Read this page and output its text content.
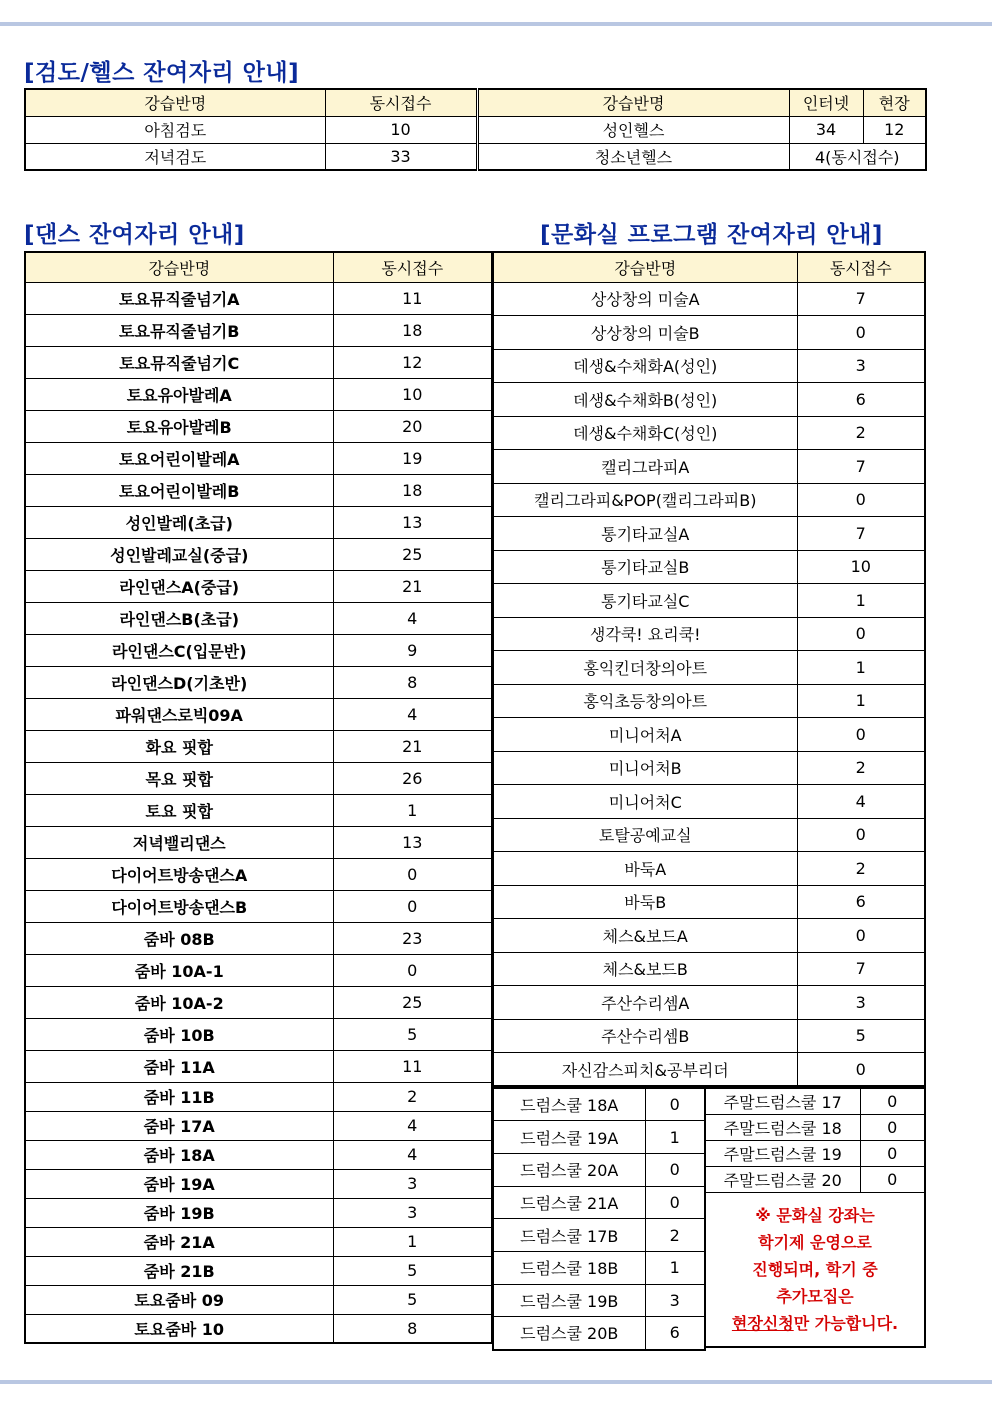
[검도/헬스 잔여자리 안내]
강습반명	동시접수	강습반명	인터넷	현장
아침검도	10	성인헬스	34	12
저녁검도	33	청소년헬스	4(동시접수)	
[댄스 잔여자리 안내]	[문화실 프로그램 잔여자리 안내]
강습반명	동시접수
토요뮤직줄넘기A	11
토요뮤직줄넘기B	18
토요뮤직줄넘기C	12
토요유아발레A	10
토요유아발레B	20
토요어린이발레A	19
토요어린이발레B	18
성인발레(초급)	13
성인발레교실(중급)	25
라인댄스A(중급)	21
라인댄스B(초급)	4
라인댄스C(입문반)	9
라인댄스D(기초반)	8
파워댄스로빅09A	4
화요 핏합	21
목요 핏합	26
토요 핏합	1
저녁밸리댄스	13
다이어트방송댄스A	0
다이어트방송댄스B	0
줌바 08B	23
줌바 10A-1	0
줌바 10A-2	25
줌바 10B	5
줌바 11A	11
줌바 11B	2
줌바 17A	4
줌바 18A	4
줌바 19A	3
줌바 19B	3
줌바 21A	1
줌바 21B	5
토요줌바 09	5
토요줌바 10	8
강습반명	동시접수
상상창의 미술A	7
상상창의 미술B	0
데생&수채화A(성인)	3
데생&수채화B(성인)	6
데생&수채화C(성인)	2
캘리그라피A	7
캘리그라피&POP(캘리그라피B)	0
통기타교실A	7
통기타교실B	10
통기타교실C	1
생각쿡! 요리쿡!	0
홍익킨더창의아트	1
홍익초등창의아트	1
미니어처A	0
미니어처B	2
미니어처C	4
토탈공예교실	0
바둑A	2
바둑B	6
체스&보드A	0
체스&보드B	7
주산수리셈A	3
주산수리셈B	5
자신감스피치&공부리더	0
드럼스쿨 18A	0
드럼스쿨 19A	1
드럼스쿨 20A	0
드럼스쿨 21A	0
드럼스쿨 17B	2
드럼스쿨 18B	1
드럼스쿨 19B	3
드럼스쿨 20B	6
주말드럼스쿨 17	0
주말드럼스쿨 18	0
주말드럼스쿨 19	0
주말드럼스쿨 20	0

※ 문화실 강좌는
학기제 운영으로
진행되며, 학기 중
추가모집은
현장신청만 가능합니다.	
